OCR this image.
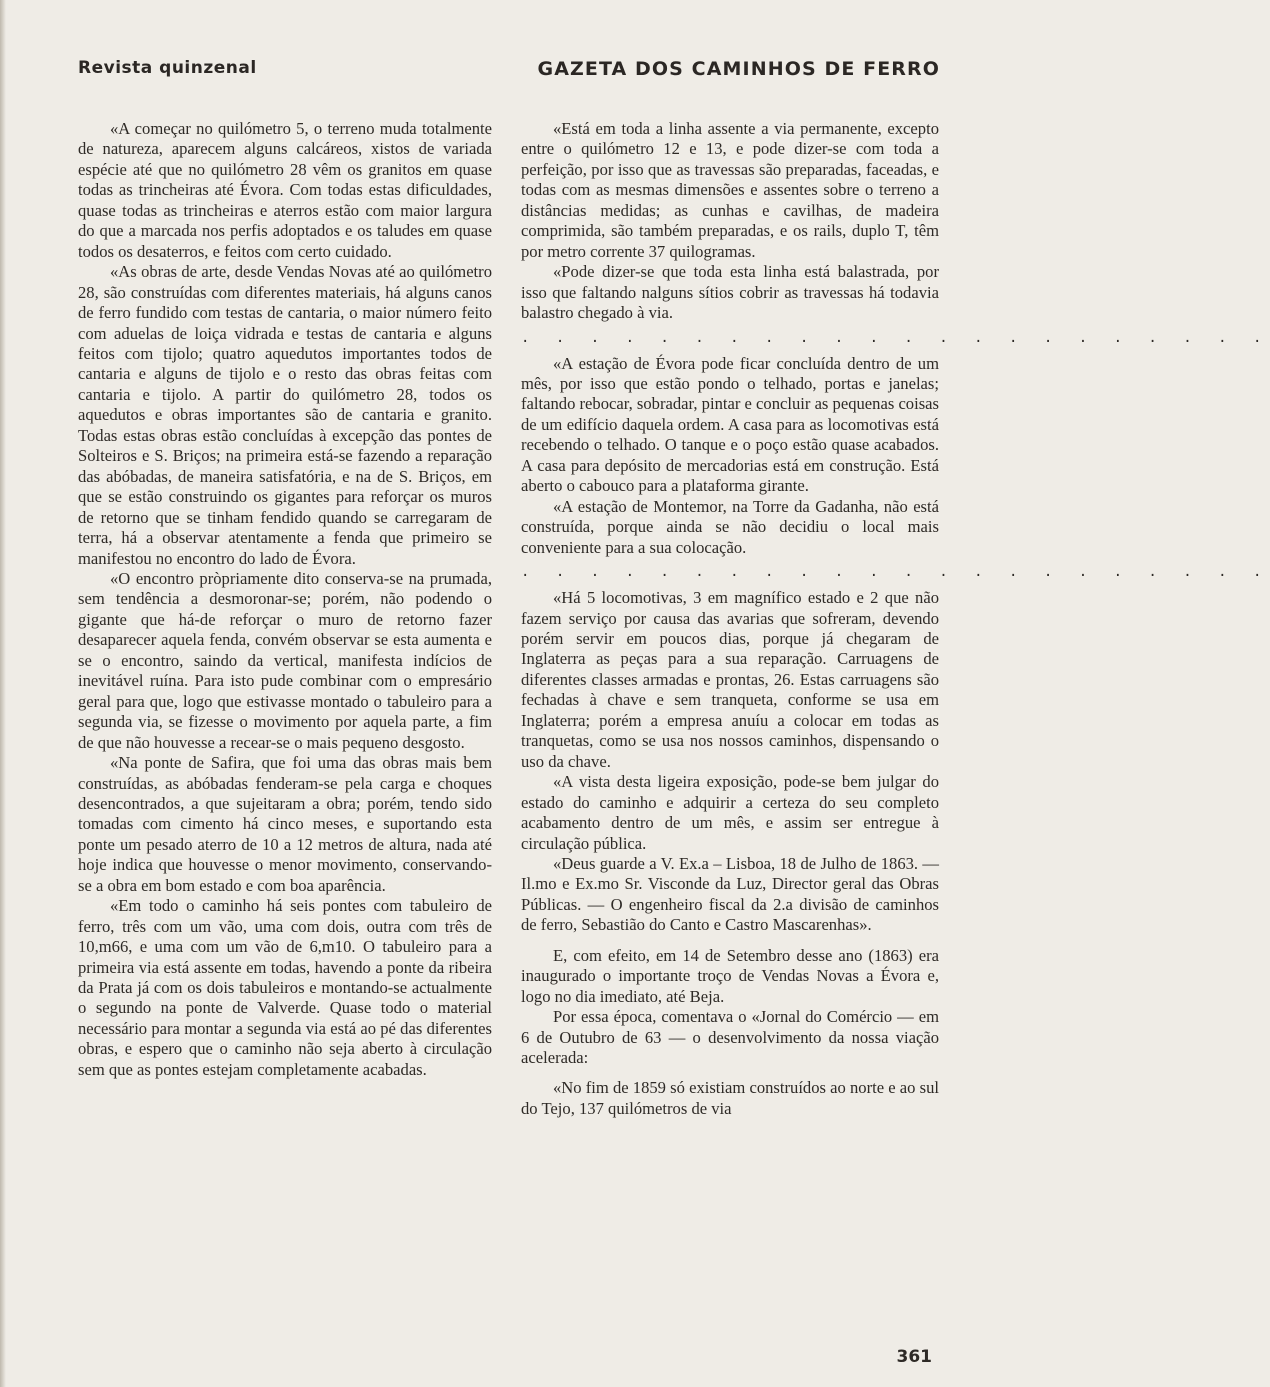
Revista quinzenal	GAZETA DOS CAMINHOS DE FERRO

«A começar no quilómetro 5, o terreno muda totalmente de natureza, aparecem alguns calcáreos, xistos de variada espécie até que no quilómetro 28 vêm os granitos em quase todas as trincheiras até Évora. Com todas estas dificuldades, quase todas as trincheiras e aterros estão com maior largura do que a marcada nos perfis adoptados e os taludes em quase todos os desaterros, e feitos com certo cuidado.

«As obras de arte, desde Vendas Novas até ao quilómetro 28, são construídas com diferentes materiais, há alguns canos de ferro fundido com testas de cantaria, o maior número feito com aduelas de loiça vidrada e testas de cantaria e alguns feitos com tijolo; quatro aquedutos importantes todos de cantaria e alguns de tijolo e o resto das obras feitas com cantaria e tijolo. A partir do quilómetro 28, todos os aquedutos e obras importantes são de cantaria e granito. Todas estas obras estão concluídas à excepção das pontes de Solteiros e S. Briços; na primeira está-se fazendo a reparação das abóbadas, de maneira satisfatória, e na de S. Briços, em que se estão construindo os gigantes para reforçar os muros de retorno que se tinham fendido quando se carregaram de terra, há a observar atentamente a fenda que primeiro se manifestou no encontro do lado de Évora.

«O encontro pròpriamente dito conserva-se na prumada, sem tendência a desmoronar-se; porém, não podendo o gigante que há-de reforçar o muro de retorno fazer desaparecer aquela fenda, convém observar se esta aumenta e se o encontro, saindo da vertical, manifesta indícios de inevitável ruína. Para isto pude combinar com o empresário geral para que, logo que estivasse montado o tabuleiro para a segunda via, se fizesse o movimento por aquela parte, a fim de que não houvesse a recear-se o mais pequeno desgosto.

«Na ponte de Safira, que foi uma das obras mais bem construídas, as abóbadas fenderam-se pela carga e choques desencontrados, a que sujeitaram a obra; porém, tendo sido tomadas com cimento há cinco meses, e suportando esta ponte um pesado aterro de 10 a 12 metros de altura, nada até hoje indica que houvesse o menor movimento, conservando-se a obra em bom estado e com boa aparência.

«Em todo o caminho há seis pontes com tabuleiro de ferro, três com um vão, uma com dois, outra com três de 10,m66, e uma com um vão de 6,m10. O tabuleiro para a primeira via está assente em todas, havendo a ponte da ribeira da Prata já com os dois tabuleiros e montando-se actualmente o segundo na ponte de Valverde. Quase todo o material necessário para montar a segunda via está ao pé das diferentes obras, e espero que o caminho não seja aberto à circulação sem que as pontes estejam completamente acabadas.

«Está em toda a linha assente a via permanente, excepto entre o quilómetro 12 e 13, e pode dizer-se com toda a perfeição, por isso que as travessas são preparadas, faceadas, e todas com as mesmas dimensões e assentes sobre o terreno a distâncias medidas; as cunhas e cavilhas, de madeira comprimida, são também preparadas, e os rails, duplo T, têm por metro corrente 37 quilogramas.

«Pode dizer-se que toda esta linha está balastrada, por isso que faltando nalguns sítios cobrir as travessas há todavia balastro chegado à via.

. . . . . . . . . . . . . . . . . . . . . .

«A estação de Évora pode ficar concluída dentro de um mês, por isso que estão pondo o telhado, portas e janelas; faltando rebocar, sobradar, pintar e concluir as pequenas coisas de um edifício daquela ordem. A casa para as locomotivas está recebendo o telhado. O tanque e o poço estão quase acabados. A casa para depósito de mercadorias está em construção. Está aberto o cabouco para a plataforma girante.

«A estação de Montemor, na Torre da Gadanha, não está construída, porque ainda se não decidiu o local mais conveniente para a sua colocação.

. . . . . . . . . . . . . . . . . . . . . .

«Há 5 locomotivas, 3 em magnífico estado e 2 que não fazem serviço por causa das avarias que sofreram, devendo porém servir em poucos dias, porque já chegaram de Inglaterra as peças para a sua reparação. Carruagens de diferentes classes armadas e prontas, 26. Estas carruagens são fechadas à chave e sem tranqueta, conforme se usa em Inglaterra; porém a empresa anuíu a colocar em todas as tranquetas, como se usa nos nossos caminhos, dispensando o uso da chave.

«A vista desta ligeira exposição, pode-se bem julgar do estado do caminho e adquirir a certeza do seu completo acabamento dentro de um mês, e assim ser entregue à circulação pública.

«Deus guarde a V. Ex.a – Lisboa, 18 de Julho de 1863. — Il.mo e Ex.mo Sr. Visconde da Luz, Director geral das Obras Públicas. — O engenheiro fiscal da 2.a divisão de caminhos de ferro, Sebastião do Canto e Castro Mascarenhas».

E, com efeito, em 14 de Setembro desse ano (1863) era inaugurado o importante troço de Vendas Novas a Évora e, logo no dia imediato, até Beja.

Por essa época, comentava o «Jornal do Comércio — em 6 de Outubro de 63 — o desenvolvimento da nossa viação acelerada:

«No fim de 1859 só existiam construídos ao norte e ao sul do Tejo, 137 quilómetros de via

361
